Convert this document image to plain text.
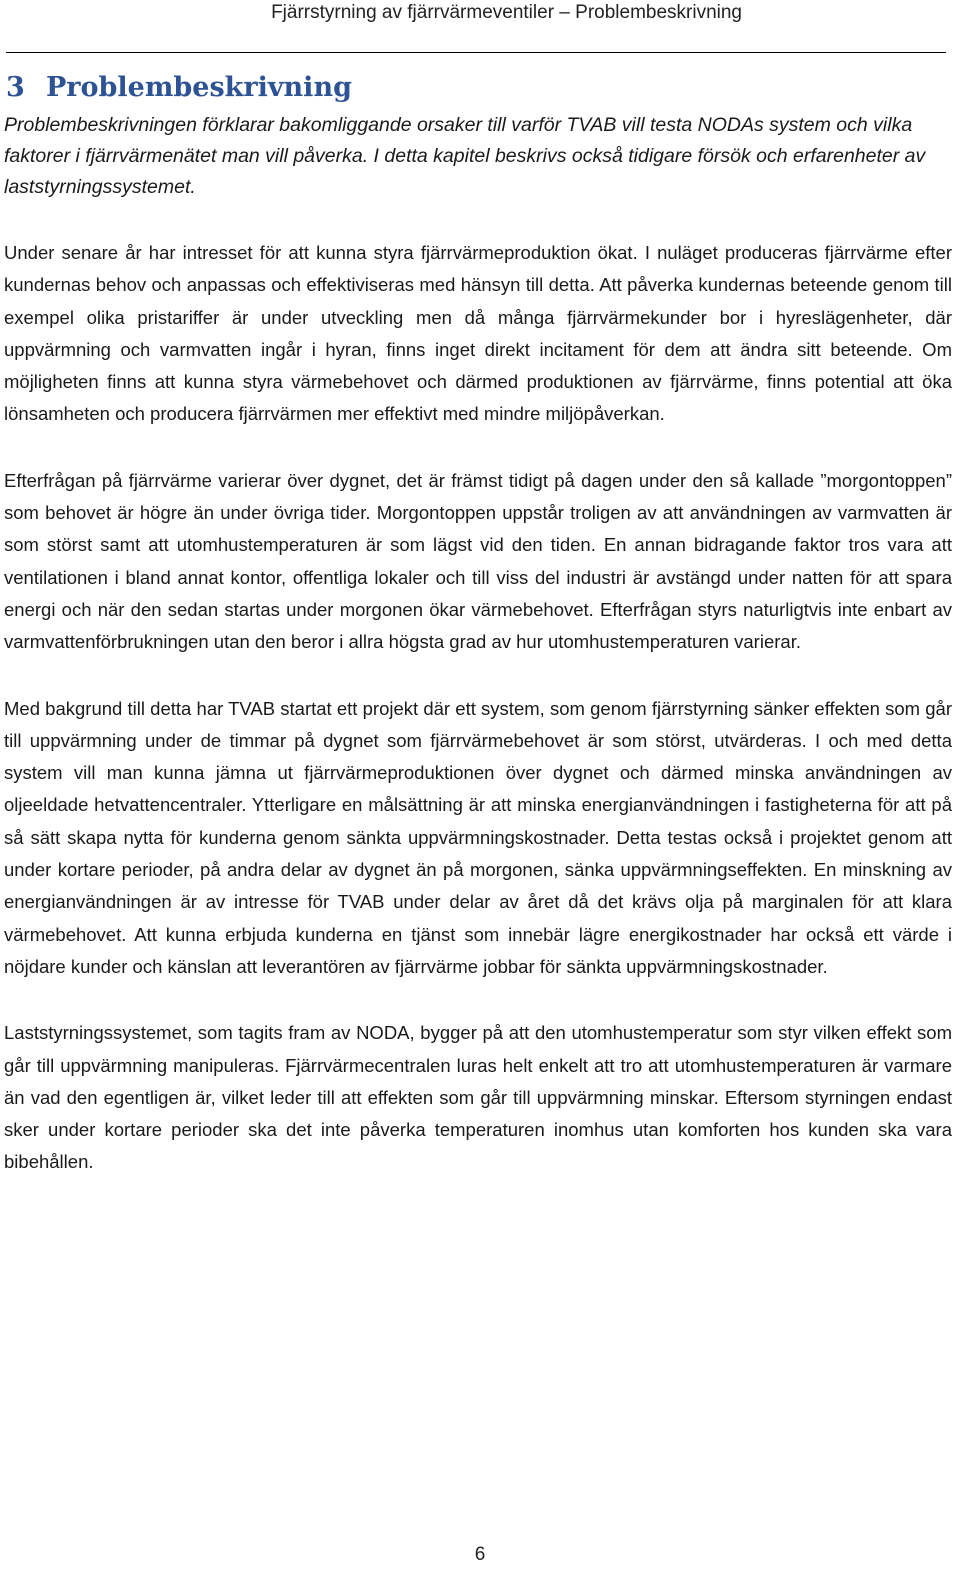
Fjärrstyrning av fjärrvärmeventiler – Problembeskrivning
3 Problembeskrivning

Problembeskrivningen förklarar bakomliggande orsaker till varför TVAB vill testa NODAs system och vilka faktorer i fjärrvärmenätet man vill påverka. I detta kapitel beskrivs också tidigare försök och erfarenheter av laststyrningssystemet.

Under senare år har intresset för att kunna styra fjärrvärmeproduktion ökat. I nuläget produceras fjärrvärme efter kundernas behov och anpassas och effektiviseras med hänsyn till detta. Att påverka kundernas beteende genom till exempel olika pristariffer är under utveckling men då många fjärrvärmekunder bor i hyreslägenheter, där uppvärmning och varmvatten ingår i hyran, finns inget direkt incitament för dem att ändra sitt beteende. Om möjligheten finns att kunna styra värmebehovet och därmed produktionen av fjärrvärme, finns potential att öka lönsamheten och producera fjärrvärmen mer effektivt med mindre miljöpåverkan.

Efterfrågan på fjärrvärme varierar över dygnet, det är främst tidigt på dagen under den så kallade ”morgontoppen” som behovet är högre än under övriga tider. Morgontoppen uppstår troligen av att användningen av varmvatten är som störst samt att utomhustemperaturen är som lägst vid den tiden. En annan bidragande faktor tros vara att ventilationen i bland annat kontor, offentliga lokaler och till viss del industri är avstängd under natten för att spara energi och när den sedan startas under morgonen ökar värmebehovet. Efterfrågan styrs naturligtvis inte enbart av varmvattenförbrukningen utan den beror i allra högsta grad av hur utomhustemperaturen varierar.

Med bakgrund till detta har TVAB startat ett projekt där ett system, som genom fjärrstyrning sänker effekten som går till uppvärmning under de timmar på dygnet som fjärrvärmebehovet är som störst, utvärderas. I och med detta system vill man kunna jämna ut fjärrvärmeproduktionen över dygnet och därmed minska användningen av oljeeldade hetvattencentraler. Ytterligare en målsättning är att minska energianvändningen i fastigheterna för att på så sätt skapa nytta för kunderna genom sänkta uppvärmningskostnader. Detta testas också i projektet genom att under kortare perioder, på andra delar av dygnet än på morgonen, sänka uppvärmningseffekten. En minskning av energianvändningen är av intresse för TVAB under delar av året då det krävs olja på marginalen för att klara värmebehovet. Att kunna erbjuda kunderna en tjänst som innebär lägre energikostnader har också ett värde i nöjdare kunder och känslan att leverantören av fjärrvärme jobbar för sänkta uppvärmningskostnader.

Laststyrningssystemet, som tagits fram av NODA, bygger på att den utomhustemperatur som styr vilken effekt som går till uppvärmning manipuleras. Fjärrvärmecentralen luras helt enkelt att tro att utomhustemperaturen är varmare än vad den egentligen är, vilket leder till att effekten som går till uppvärmning minskar. Eftersom styrningen endast sker under kortare perioder ska det inte påverka temperaturen inomhus utan komforten hos kunden ska vara bibehållen.

6
